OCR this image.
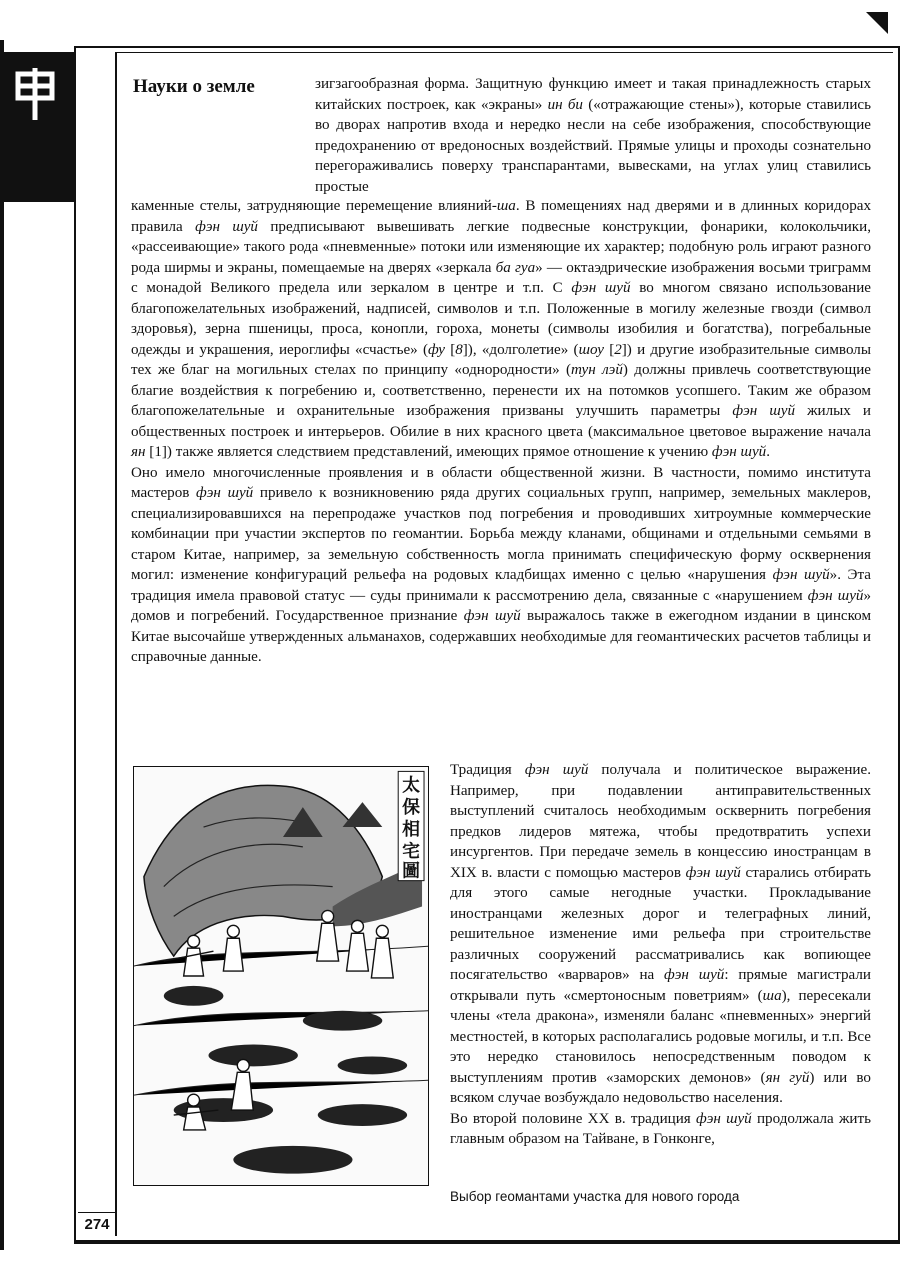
Науки о земле	зигзагообразная форма. Защитную функцию имеет и такая принадлежность старых китайских построек, как «экраны» ин би («отражающие стены»), которые ставились во дворах напротив входа и нередко несли на себе изображения, способствующие предохранению от вредоносных воздействий. Прямые улицы и проходы сознательно перегораживались поверху транспарантами, вывесками, на углах улиц ставились простые

каменные стелы, затрудняющие перемещение влияний-ша. В помещениях над дверями и в длинных коридорах правила фэн шуй предписывают вывешивать легкие подвесные конструкции, фонарики, колокольчики, «рассеивающие» такого рода «пневменные» потоки или изменяющие их характер; подобную роль играют разного рода ширмы и экраны, помещаемые на дверях «зеркала ба гуа» — октаэдрические изображения восьми триграмм с монадой Великого предела или зеркалом в центре и т.п. С фэн шуй во многом связано использование благопожелательных изображений, надписей, символов и т.п. Положенные в могилу железные гвозди (символ здоровья), зерна пшеницы, проса, конопли, гороха, монеты (символы изобилия и богатства), погребальные одежды и украшения, иероглифы «счастье» (фу [8]), «долголетие» (шоу [2]) и другие изобразительные символы тех же благ на могильных стелах по принципу «однородности» (тун лэй) должны привлечь соответствующие благие воздействия к погребению и, соответственно, перенести их на потомков усопшего. Таким же образом благопожелательные и охранительные изображения призваны улучшить параметры фэн шуй жилых и общественных построек и интерьеров. Обилие в них красного цвета (максимальное цветовое выражение начала ян [1]) также является следствием представлений, имеющих прямое отношение к учению фэн шуй.

Оно имело многочисленные проявления и в области общественной жизни. В частности, помимо института мастеров фэн шуй привело к возникновению ряда других социальных групп, например, земельных маклеров, специализировавшихся на перепродаже участков под погребения и проводивших хитроумные коммерческие комбинации при участии экспертов по геомантии. Борьба между кланами, общинами и отдельными семьями в старом Китае, например, за земельную собственность могла принимать специфическую форму осквернения могил: изменение конфигураций рельефа на родовых кладбищах именно с целью «нарушения фэн шуй». Эта традиция имела правовой статус — суды принимали к рассмотрению дела, связанные с «нарушением фэн шуй» домов и погребений. Государственное признание фэн шуй выражалось также в ежегодном издании в цинском Китае высочайше утвержденных альманахов, содержавших необходимые для геомантических расчетов таблицы и справочные данные.

太
保
相
宅
圖

Традиция фэн шуй получала и политическое выражение. Например, при подавлении антиправительственных выступлений считалось необходимым осквернить погребения предков лидеров мятежа, чтобы предотвратить успехи инсургентов. При передаче земель в концессию иностранцам в XIX в. власти с помощью мастеров фэн шуй старались отбирать для этого самые негодные участки. Прокладывание иностранцами железных дорог и телеграфных линий, решительное изменение ими рельефа при строительстве различных сооружений рассматривались как вопиющее посягательство «варваров» на фэн шуй: прямые магистрали открывали путь «смертоносным поветриям» (ша), пересекали члены «тела дракона», изменяли баланс «пневменных» энергий местностей, в которых располагались родовые могилы, и т.п. Все это нередко становилось непосредственным поводом к выступлениям против «заморских демонов» (ян гуй) или во всяком случае возбуждало недовольство населения.

Во второй половине XX в. традиция фэн шуй продолжала жить главным образом на Тайване, в Гонконге,

Выбор геомантами участка для нового города

274
